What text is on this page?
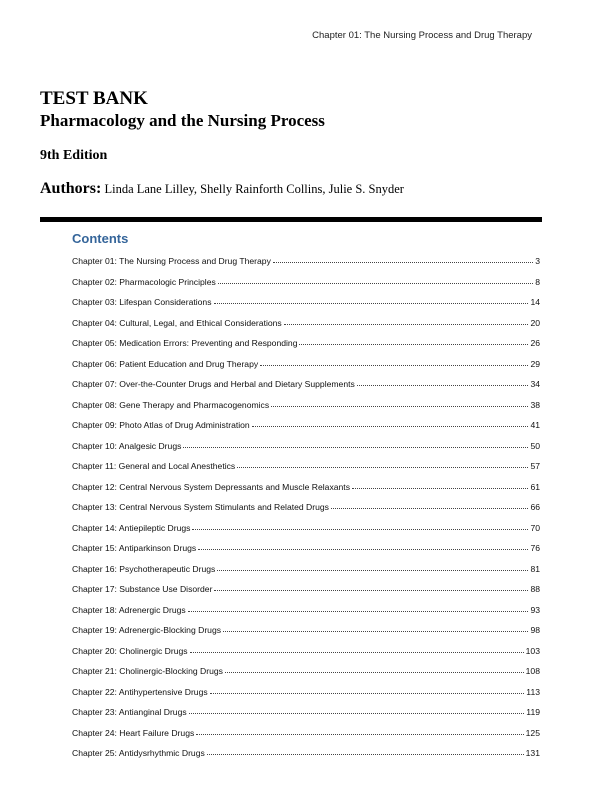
Chapter 01: The Nursing Process and Drug Therapy
TEST BANK
Pharmacology and the Nursing Process
9th Edition
Authors: Linda Lane Lilley, Shelly Rainforth Collins, Julie S. Snyder
Contents
Chapter 01: The Nursing Process and Drug Therapy	3
Chapter 02: Pharmacologic Principles	8
Chapter 03: Lifespan Considerations	14
Chapter 04: Cultural, Legal, and Ethical Considerations	20
Chapter 05: Medication Errors: Preventing and Responding	26
Chapter 06: Patient Education and Drug Therapy	29
Chapter 07: Over-the-Counter Drugs and Herbal and Dietary Supplements	34
Chapter 08: Gene Therapy and Pharmacogenomics	38
Chapter 09: Photo Atlas of Drug Administration	41
Chapter 10: Analgesic Drugs	50
Chapter 11: General and Local Anesthetics	57
Chapter 12: Central Nervous System Depressants and Muscle Relaxants	61
Chapter 13: Central Nervous System Stimulants and Related Drugs	66
Chapter 14: Antiepileptic Drugs	70
Chapter 15: Antiparkinson Drugs	76
Chapter 16: Psychotherapeutic Drugs	81
Chapter 17: Substance Use Disorder	88
Chapter 18: Adrenergic Drugs	93
Chapter 19: Adrenergic-Blocking Drugs	98
Chapter 20: Cholinergic Drugs	103
Chapter 21: Cholinergic-Blocking Drugs	108
Chapter 22: Antihypertensive Drugs	113
Chapter 23: Antianginal Drugs	119
Chapter 24: Heart Failure Drugs	125
Chapter 25: Antidysrhythmic Drugs	131
